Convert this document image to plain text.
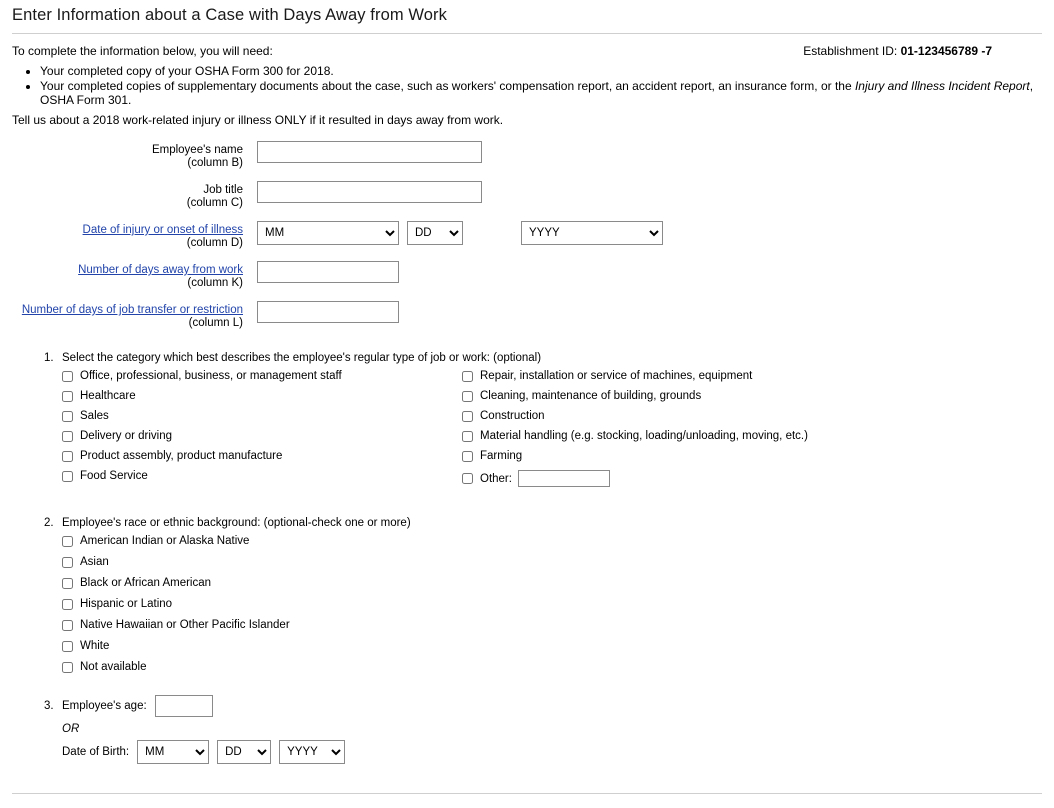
Enter Information about a Case with Days Away from Work
To complete the information below, you will need:	Establishment ID: 01-123456789 -7
• Your completed copy of your OSHA Form 300 for 2018.
• Your completed copies of supplementary documents about the case, such as workers' compensation report, an accident report, an insurance form, or the Injury and Illness Incident Report, OSHA Form 301.
Tell us about a 2018 work-related injury or illness ONLY if it resulted in days away from work.
Employee's name
(column B)
Job title
(column C)
Date of injury or onset of illness
(column D)
MM
DD
YYYY
Number of days away from work
(column K)
Number of days of job transfer or restriction
(column L)
1. Select the category which best describes the employee's regular type of job or work: (optional)
Office, professional, business, or management staff
Healthcare
Sales
Delivery or driving
Product assembly, product manufacture
Food Service
Repair, installation or service of machines, equipment
Cleaning, maintenance of building, grounds
Construction
Material handling (e.g. stocking, loading/unloading, moving, etc.)
Farming
Other:
2. Employee's race or ethnic background: (optional-check one or more)
American Indian or Alaska Native
Asian
Black or African American
Hispanic or Latino
Native Hawaiian or Other Pacific Islander
White
Not available
3. Employee's age:
OR
Date of Birth:
MM
DD
YYYY
